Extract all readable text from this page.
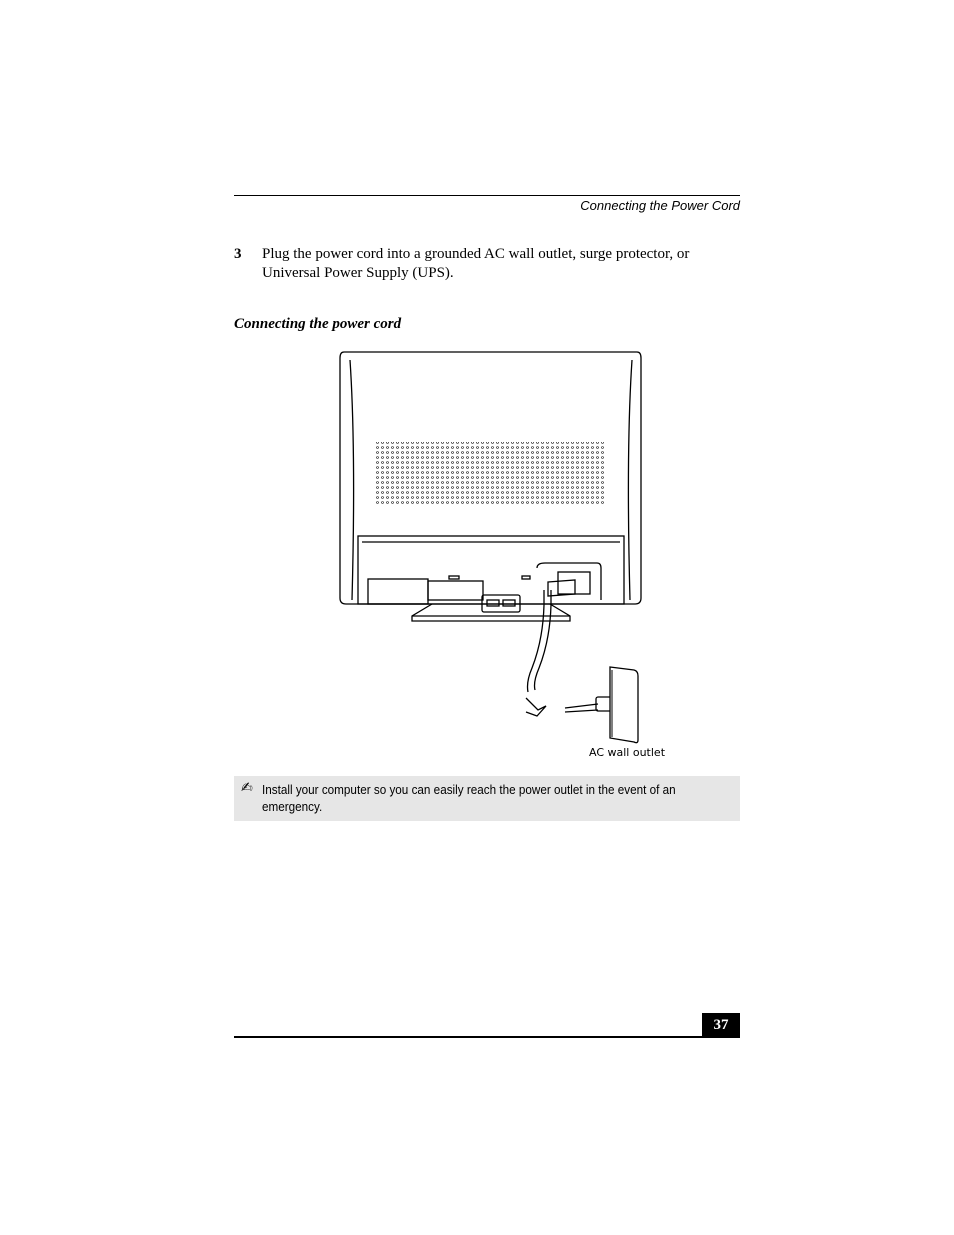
Connecting the Power Cord
3 Plug the power cord into a grounded AC wall outlet, surge protector, or Universal Power Supply (UPS).
Connecting the power cord
AC wall outlet
✍ Install your computer so you can easily reach the power outlet in the event of an emergency.
37
